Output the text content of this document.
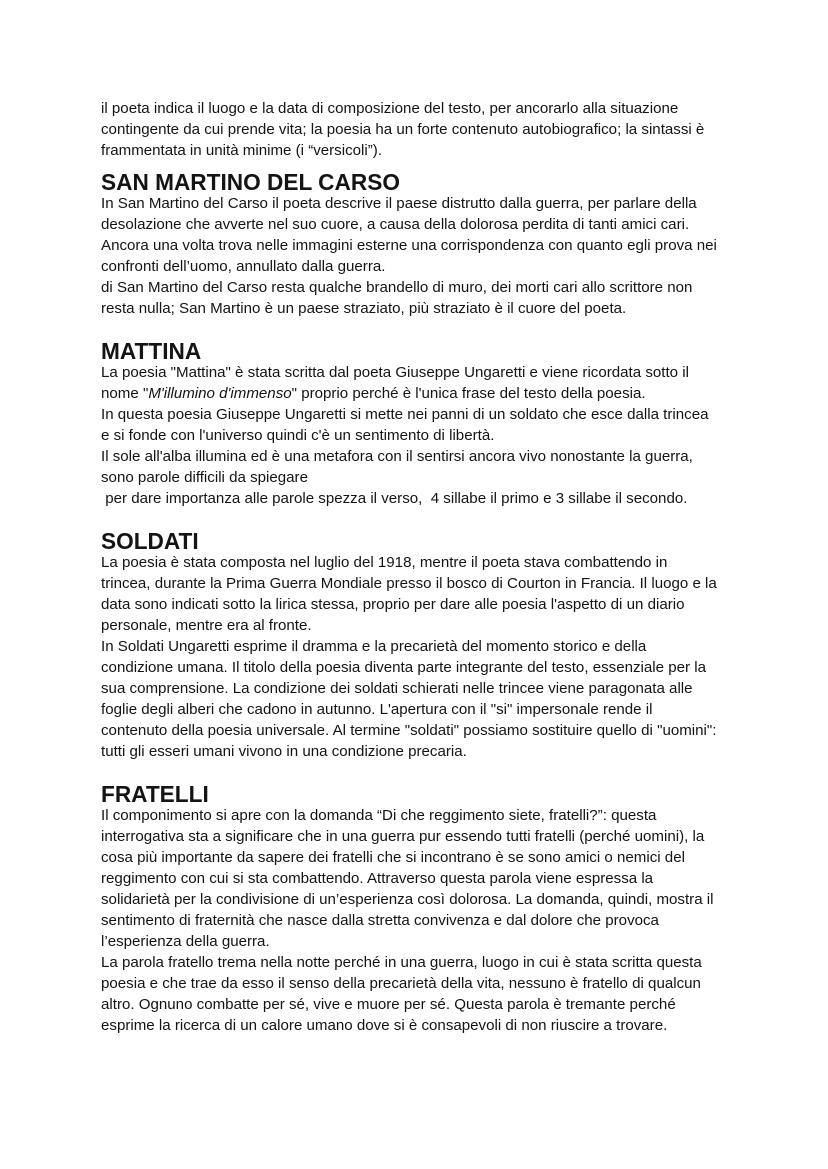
il poeta indica il luogo e la data di composizione del testo, per ancorarlo alla situazione
contingente da cui prende vita; la poesia ha un forte contenuto autobiografico; la sintassi è
frammentata in unità minime (i “versicoli”).

SAN MARTINO DEL CARSO

In San Martino del Carso il poeta descrive il paese distrutto dalla guerra, per parlare della
desolazione che avverte nel suo cuore, a causa della dolorosa perdita di tanti amici cari.
Ancora una volta trova nelle immagini esterne una corrispondenza con quanto egli prova nei
confronti dell’uomo, annullato dalla guerra.
di San Martino del Carso resta qualche brandello di muro, dei morti cari allo scrittore non
resta nulla; San Martino è un paese straziato, più straziato è il cuore del poeta.

MATTINA

La poesia "Mattina" è stata scritta dal poeta Giuseppe Ungaretti e viene ricordata sotto il
nome "M'illumino d'immenso" proprio perché è l'unica frase del testo della poesia.
In questa poesia Giuseppe Ungaretti si mette nei panni di un soldato che esce dalla trincea
e si fonde con l'universo quindi c'è un sentimento di libertà.
Il sole all'alba illumina ed è una metafora con il sentirsi ancora vivo nonostante la guerra,
sono parole difficili da spiegare
per dare importanza alle parole spezza il verso,  4 sillabe il primo e 3 sillabe il secondo.

SOLDATI

La poesia è stata composta nel luglio del 1918, mentre il poeta stava combattendo in
trincea, durante la Prima Guerra Mondiale presso il bosco di Courton in Francia. Il luogo e la
data sono indicati sotto la lirica stessa, proprio per dare alle poesia l'aspetto di un diario
personale, mentre era al fronte.
In Soldati Ungaretti esprime il dramma e la precarietà del momento storico e della
condizione umana. Il titolo della poesia diventa parte integrante del testo, essenziale per la
sua comprensione. La condizione dei soldati schierati nelle trincee viene paragonata alle
foglie degli alberi che cadono in autunno. L'apertura con il "si" impersonale rende il
contenuto della poesia universale. Al termine "soldati" possiamo sostituire quello di "uomini":
tutti gli esseri umani vivono in una condizione precaria.

FRATELLI

Il componimento si apre con la domanda “Di che reggimento siete, fratelli?”: questa
interrogativa sta a significare che in una guerra pur essendo tutti fratelli (perché uomini), la
cosa più importante da sapere dei fratelli che si incontrano è se sono amici o nemici del
reggimento con cui si sta combattendo. Attraverso questa parola viene espressa la
solidarietà per la condivisione di un’esperienza così dolorosa. La domanda, quindi, mostra il
sentimento di fraternità che nasce dalla stretta convivenza e dal dolore che provoca
l’esperienza della guerra.
La parola fratello trema nella notte perché in una guerra, luogo in cui è stata scritta questa
poesia e che trae da esso il senso della precarietà della vita, nessuno è fratello di qualcun
altro. Ognuno combatte per sé, vive e muore per sé. Questa parola è tremante perché
esprime la ricerca di un calore umano dove si è consapevoli di non riuscire a trovare.
